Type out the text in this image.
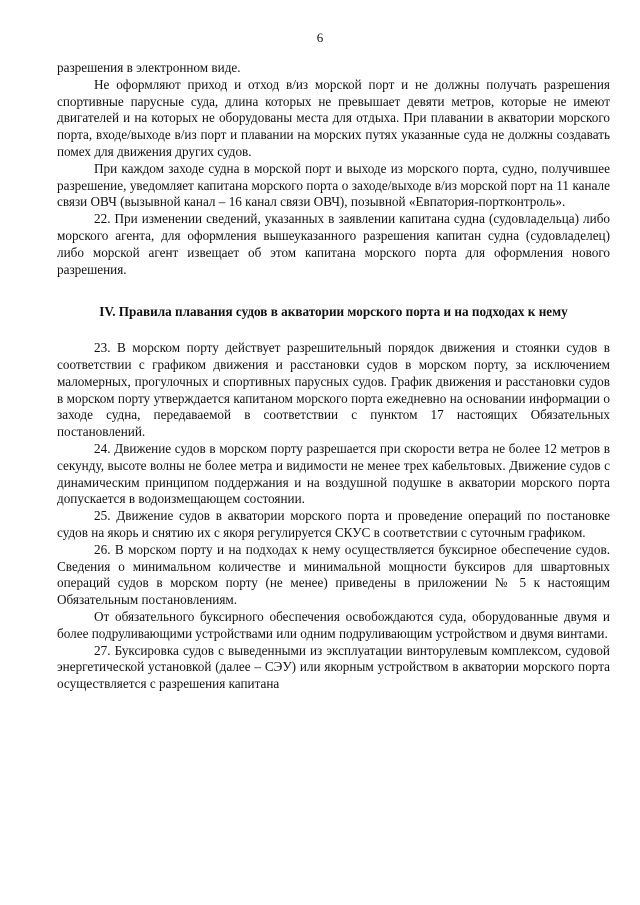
6

разрешения в электронном виде.

Не оформляют приход и отход в/из морской порт и не должны получать разрешения спортивные парусные суда, длина которых не превышает девяти метров, которые не имеют двигателей и на которых не оборудованы места для отдыха. При плавании в акватории морского порта, входе/выходе в/из порт и плавании на морских путях указанные суда не должны создавать помех для движения других судов.

При каждом заходе судна в морской порт и выходе из морского порта, судно, получившее разрешение, уведомляет капитана морского порта о заходе/выходе в/из морской порт на 11 канале связи ОВЧ (вызывной канал – 16 канал связи ОВЧ), позывной «Евпатория-портконтроль».

22. При изменении сведений, указанных в заявлении капитана судна (судовладельца) либо морского агента, для оформления вышеуказанного разрешения капитан судна (судовладелец) либо морской агент извещает об этом капитана морского порта для оформления нового разрешения.

IV. Правила плавания судов в акватории морского порта и на подходах к нему

23. В морском порту действует разрешительный порядок движения и стоянки судов в соответствии с графиком движения и расстановки судов в морском порту, за исключением маломерных, прогулочных и спортивных парусных судов. График движения и расстановки судов в морском порту утверждается капитаном морского порта ежедневно на основании информации о заходе судна, передаваемой в соответствии с пунктом 17 настоящих Обязательных постановлений.

24. Движение судов в морском порту разрешается при скорости ветра не более 12 метров в секунду, высоте волны не более метра и видимости не менее трех кабельтовых. Движение судов с динамическим принципом поддержания и на воздушной подушке в акватории морского порта допускается в водоизмещающем состоянии.

25. Движение судов в акватории морского порта и проведение операций по постановке судов на якорь и снятию их с якоря регулируется СКУС в соответствии с суточным графиком.

26. В морском порту и на подходах к нему осуществляется буксирное обеспечение судов. Сведения о минимальном количестве и минимальной мощности буксиров для швартовных операций судов в морском порту (не менее) приведены в приложении № 5 к настоящим Обязательным постановлениям.

От обязательного буксирного обеспечения освобождаются суда, оборудованные двумя и более подруливающими устройствами или одним подруливающим устройством и двумя винтами.

27. Буксировка судов с выведенными из эксплуатации винторулевым комплексом, судовой энергетической установкой (далее – СЭУ) или якорным устройством в акватории морского порта осуществляется с разрешения капитана
